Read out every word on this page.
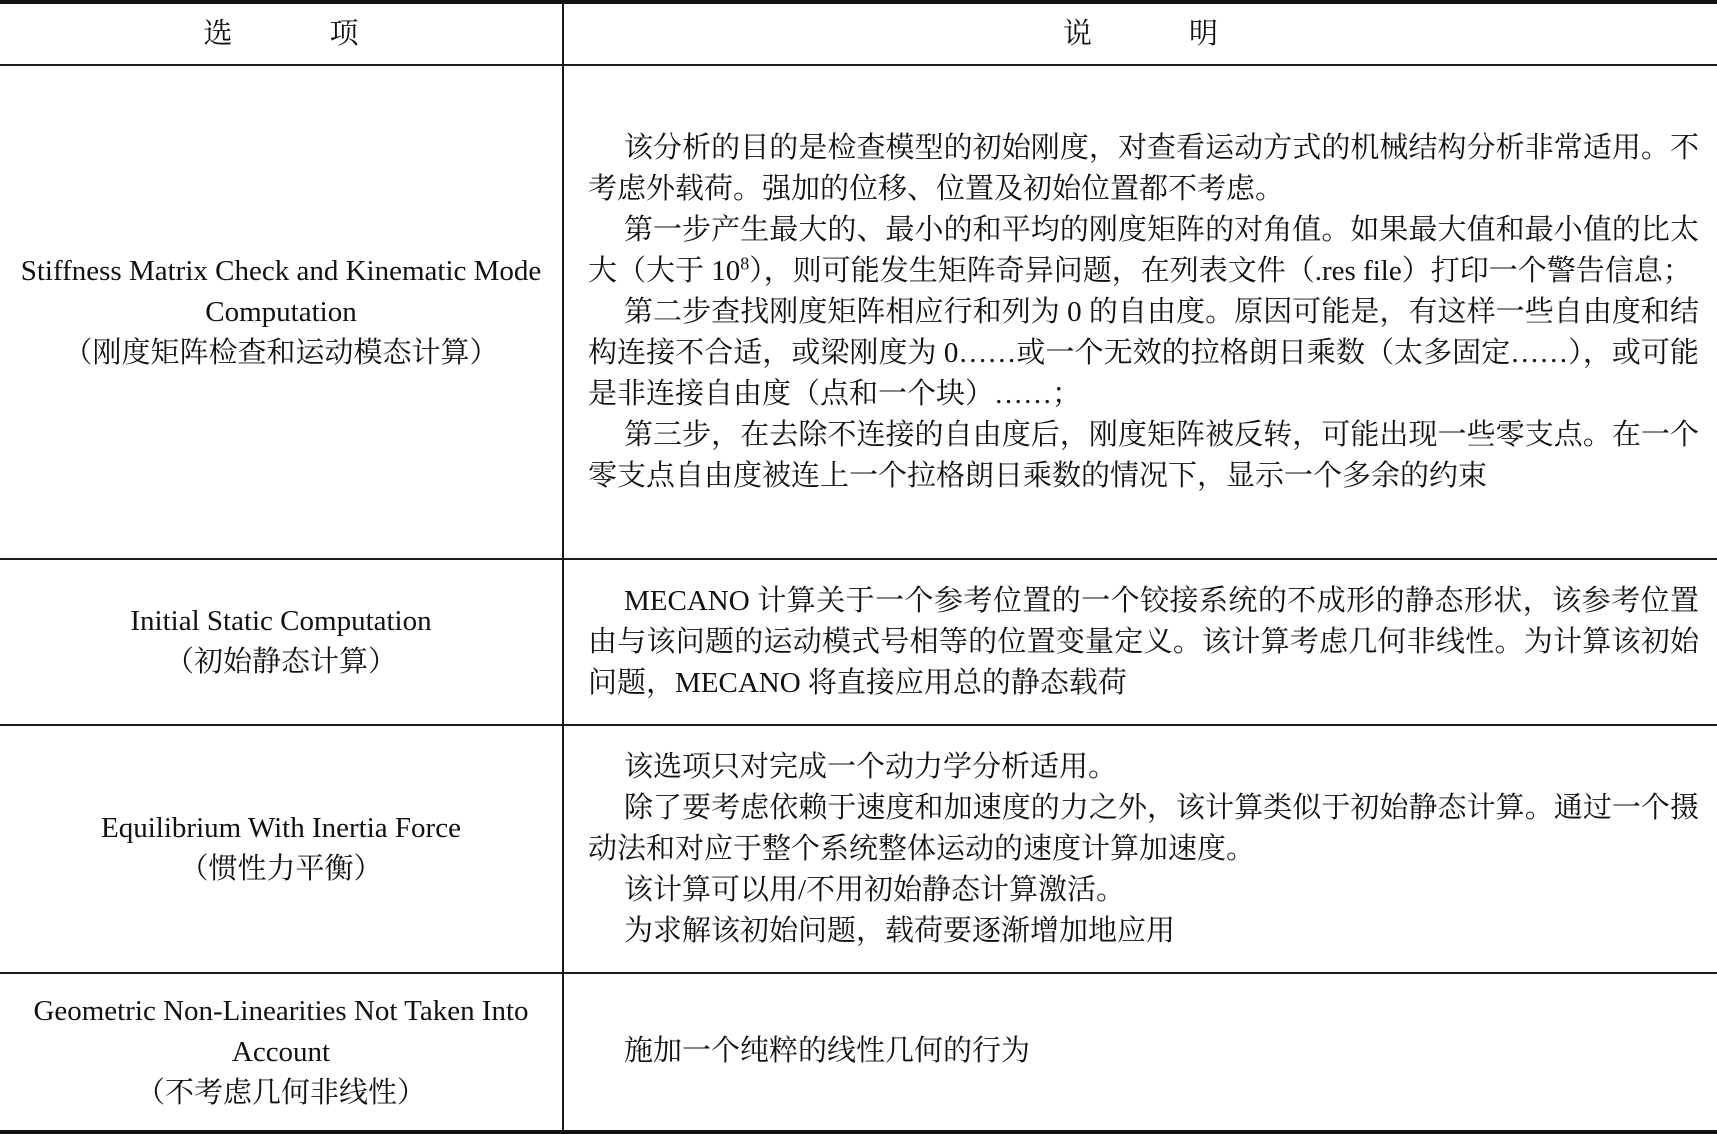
选　项	说　明

Stiffness Matrix Check and Kinematic Mode Computation
（刚度矩阵检查和运动模态计算）	该分析的目的是检查模型的初始刚度，对查看运动方式的机械结构分析非常适用。不考虑外载荷。强加的位移、位置及初始位置都不考虑。
第一步产生最大的、最小的和平均的刚度矩阵的对角值。如果最大值和最小值的比太大（大于 $10^8$），则可能发生矩阵奇异问题，在列表文件（.res file）打印一个警告信息；
第二步查找刚度矩阵相应行和列为 0 的自由度。原因可能是，有这样一些自由度和结构连接不合适，或梁刚度为 0……或一个无效的拉格朗日乘数（太多固定……），或可能是非连接自由度（点和一个块）……；
第三步，在去除不连接的自由度后，刚度矩阵被反转，可能出现一些零支点。在一个零支点自由度被连上一个拉格朗日乘数的情况下，显示一个多余的约束

Initial Static Computation
（初始静态计算）	MECANO 计算关于一个参考位置的一个铰接系统的不成形的静态形状，该参考位置由与该问题的运动模式号相等的位置变量定义。该计算考虑几何非线性。为计算该初始问题，MECANO 将直接应用总的静态载荷

Equilibrium With Inertia Force
（惯性力平衡）	该选项只对完成一个动力学分析适用。
除了要考虑依赖于速度和加速度的力之外，该计算类似于初始静态计算。通过一个摄动法和对应于整个系统整体运动的速度计算加速度。
该计算可以用/不用初始静态计算激活。
为求解该初始问题，载荷要逐渐增加地应用

Geometric Non-Linearities Not Taken Into Account
（不考虑几何非线性）	施加一个纯粹的线性几何的行为
